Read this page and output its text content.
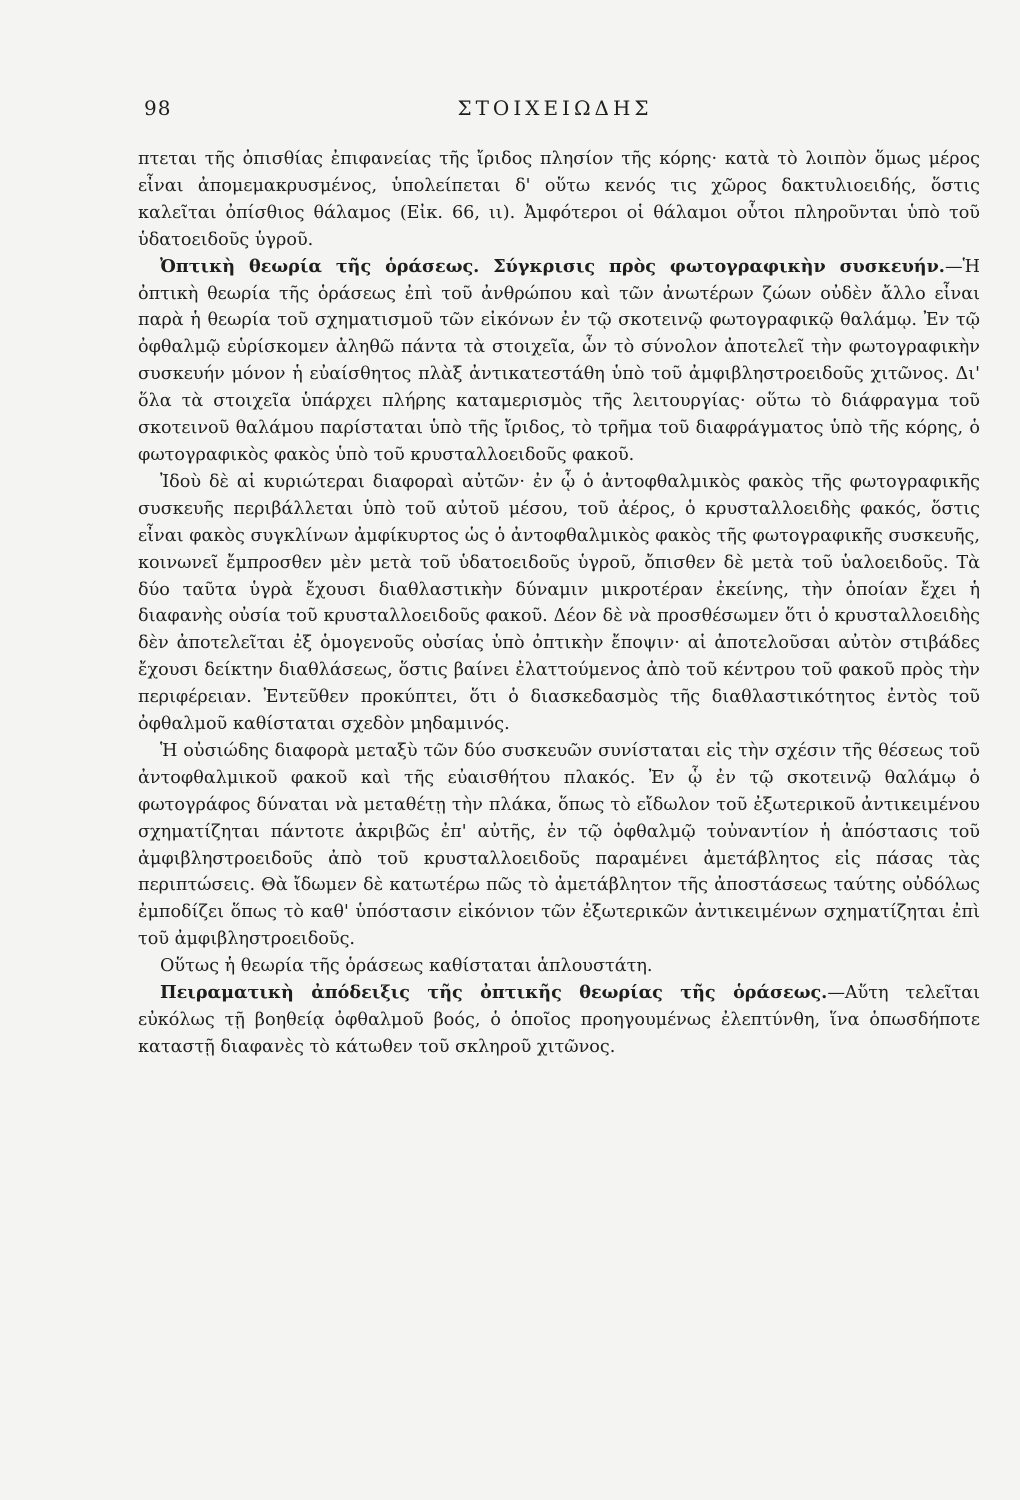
98	ΣΤΟΙΧΕΙΩΔΗΣ

πτεται τῆς ὀπισθίας ἐπιφανείας τῆς ἴριδος πλησίον τῆς κόρης· κατὰ τὸ λοιπὸν ὅμως μέρος εἶναι ἀπομεμακρυσμένος, ὑπολείπεται δ' οὕτω κενός τις χῶρος δακτυλιοειδής, ὅστις καλεῖται ὀπίσθιος θάλαμος (Εἰκ. 66, ιι). Ἀμφότεροι οἱ θάλαμοι οὗτοι πληροῦνται ὑπὸ τοῦ ὑδατοειδοῦς ὑγροῦ.

Ὀπτικὴ θεωρία τῆς ὁράσεως. Σύγκρισις πρὸς φωτογραφικὴν συσκευήν.—Ἡ ὀπτικὴ θεωρία τῆς ὁράσεως ἐπὶ τοῦ ἀνθρώπου καὶ τῶν ἀνωτέρων ζώων οὐδὲν ἄλλο εἶναι παρὰ ἡ θεωρία τοῦ σχηματισμοῦ τῶν εἰκόνων ἐν τῷ σκοτεινῷ φωτογραφικῷ θαλάμῳ. Ἐν τῷ ὀφθαλμῷ εὑρίσκομεν ἀληθῶ πάντα τὰ στοιχεῖα, ὧν τὸ σύνολον ἀποτελεῖ τὴν φωτογραφικὴν συσκευήν μόνον ἡ εὐαίσθητος πλὰξ ἀντικατεστάθη ὑπὸ τοῦ ἀμφιβληστροειδοῦς χιτῶνος. Δι' ὅλα τὰ στοιχεῖα ὑπάρχει πλήρης καταμερισμὸς τῆς λειτουργίας· οὕτω τὸ διάφραγμα τοῦ σκοτεινοῦ θαλάμου παρίσταται ὑπὸ τῆς ἴριδος, τὸ τρῆμα τοῦ διαφράγματος ὑπὸ τῆς κόρης, ὁ φωτογραφικὸς φακὸς ὑπὸ τοῦ κρυσταλλοειδοῦς φακοῦ.

Ἰδοὺ δὲ αἱ κυριώτεραι διαφοραὶ αὐτῶν· ἐν ᾧ ὁ ἀντοφθαλμικὸς φακὸς τῆς φωτογραφικῆς συσκευῆς περιβάλλεται ὑπὸ τοῦ αὐτοῦ μέσου, τοῦ ἀέρος, ὁ κρυσταλλοειδὴς φακός, ὅστις εἶναι φακὸς συγκλίνων ἀμφίκυρτος ὡς ὁ ἀντοφθαλμικὸς φακὸς τῆς φωτογραφικῆς συσκευῆς, κοινωνεῖ ἔμπροσθεν μὲν μετὰ τοῦ ὑδατοειδοῦς ὑγροῦ, ὄπισθεν δὲ μετὰ τοῦ ὑαλοειδοῦς. Τὰ δύο ταῦτα ὑγρὰ ἔχουσι διαθλαστικὴν δύναμιν μικροτέραν ἐκείνης, τὴν ὁποίαν ἔχει ἡ διαφανὴς οὐσία τοῦ κρυσταλλοειδοῦς φακοῦ. Δέον δὲ νὰ προσθέσωμεν ὅτι ὁ κρυσταλλοειδὴς δὲν ἀποτελεῖται ἐξ ὁμογενοῦς οὐσίας ὑπὸ ὀπτικὴν ἔποψιν· αἱ ἀποτελοῦσαι αὐτὸν στιβάδες ἔχουσι δείκτην διαθλάσεως, ὅστις βαίνει ἐλαττούμενος ἀπὸ τοῦ κέντρου τοῦ φακοῦ πρὸς τὴν περιφέρειαν. Ἐντεῦθεν προκύπτει, ὅτι ὁ διασκεδασμὸς τῆς διαθλαστικότητος ἐντὸς τοῦ ὀφθαλμοῦ καθίσταται σχεδὸν μηδαμινός.

Ἡ οὐσιώδης διαφορὰ μεταξὺ τῶν δύο συσκευῶν συνίσταται εἰς τὴν σχέσιν τῆς θέσεως τοῦ ἀντοφθαλμικοῦ φακοῦ καὶ τῆς εὐαισθήτου πλακός. Ἐν ᾧ ἐν τῷ σκοτεινῷ θαλάμῳ ὁ φωτογράφος δύναται νὰ μεταθέτῃ τὴν πλάκα, ὅπως τὸ εἴδωλον τοῦ ἐξωτερικοῦ ἀντικειμένου σχηματίζηται πάντοτε ἀκριβῶς ἐπ' αὐτῆς, ἐν τῷ ὀφθαλμῷ τοὐναντίον ἡ ἀπόστασις τοῦ ἀμφιβληστροειδοῦς ἀπὸ τοῦ κρυσταλλοειδοῦς παραμένει ἀμετάβλητος εἰς πάσας τὰς περιπτώσεις. Θὰ ἴδωμεν δὲ κατωτέρω πῶς τὸ ἀμετάβλητον τῆς ἀποστάσεως ταύτης οὐδόλως ἐμποδίζει ὅπως τὸ καθ' ὑπόστασιν εἰκόνιον τῶν ἐξωτερικῶν ἀντικειμένων σχηματίζηται ἐπὶ τοῦ ἀμφιβληστροειδοῦς.

Οὕτως ἡ θεωρία τῆς ὁράσεως καθίσταται ἁπλουστάτη.

Πειραματικὴ ἀπόδειξις τῆς ὀπτικῆς θεωρίας τῆς ὁράσεως.—Αὕτη τελεῖται εὐκόλως τῇ βοηθείᾳ ὀφθαλμοῦ βοός, ὁ ὁποῖος προηγουμένως ἐλεπτύνθη, ἵνα ὁπωσδήποτε καταστῇ διαφανὲς τὸ κάτωθεν τοῦ σκληροῦ χιτῶνος.
